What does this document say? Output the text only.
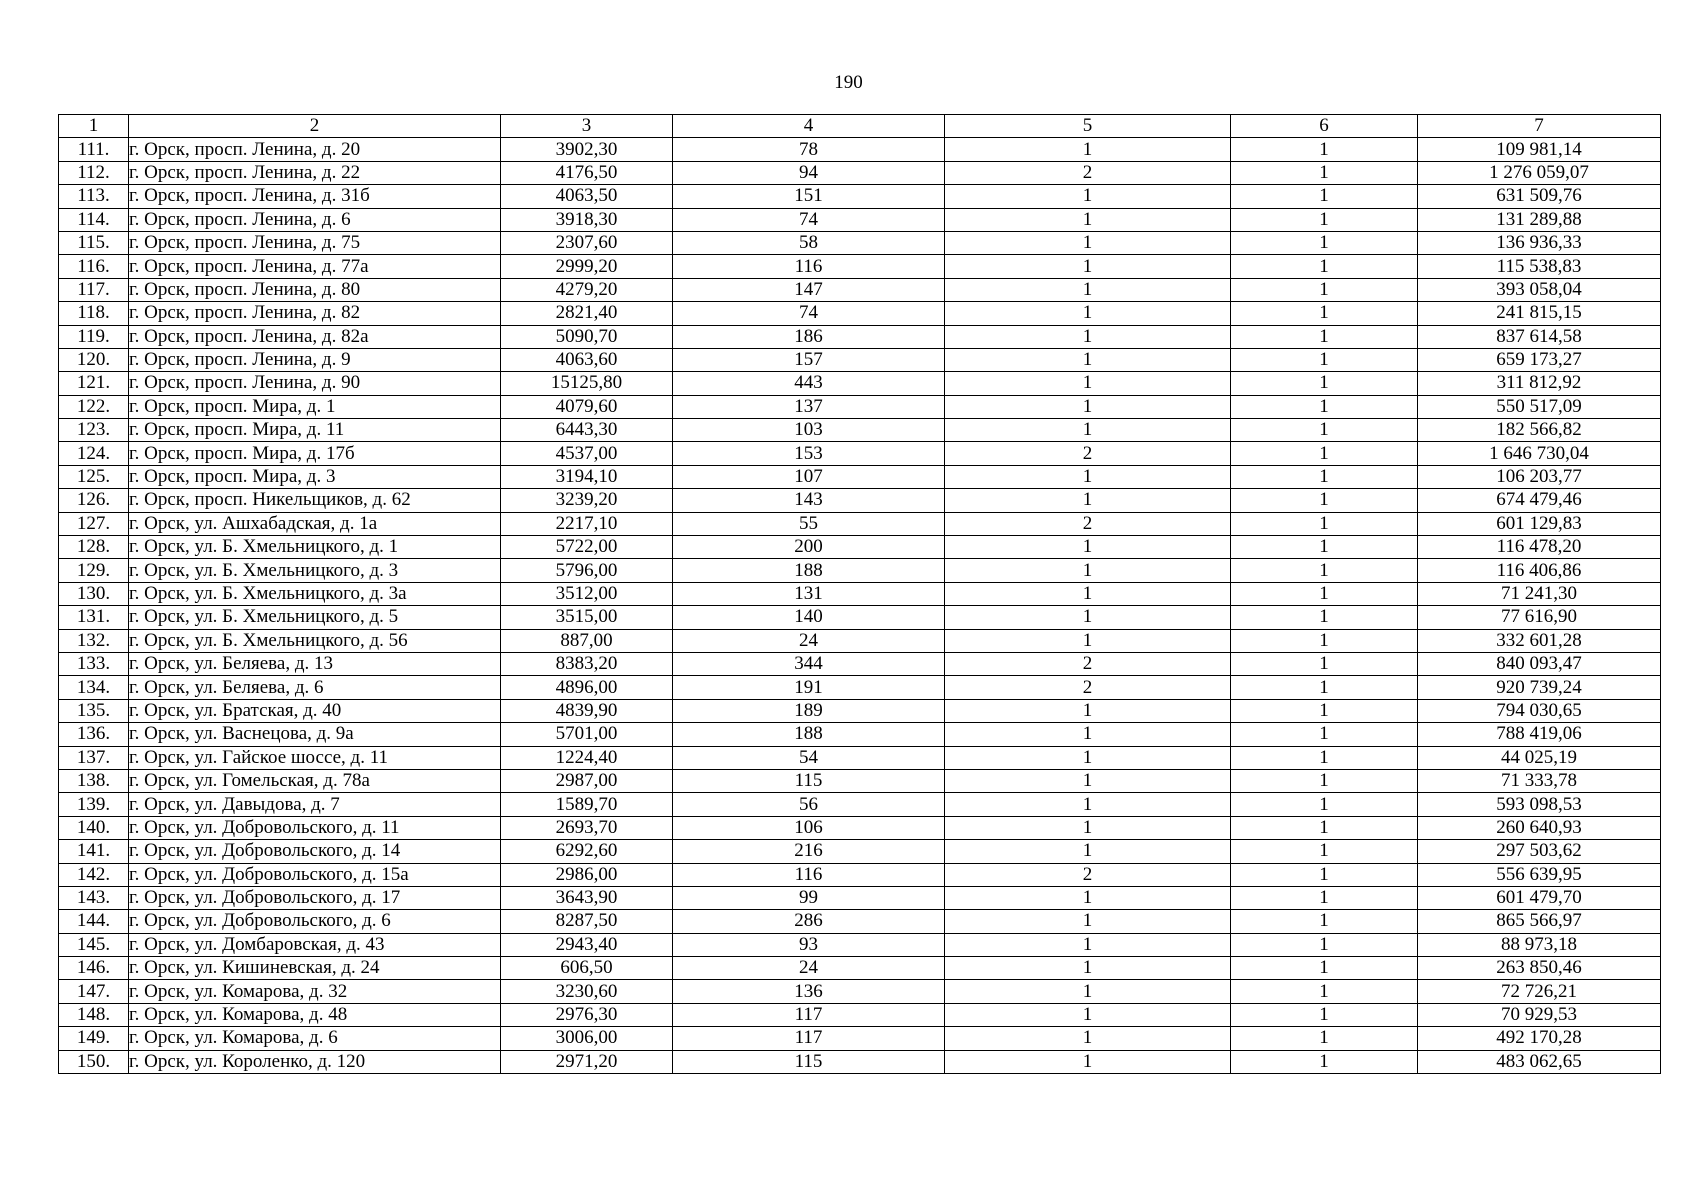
190
1	2	3	4	5	6	7
111.	г. Орск, просп. Ленина, д. 20	3902,30	78	1	1	109 981,14
112.	г. Орск, просп. Ленина, д. 22	4176,50	94	2	1	1 276 059,07
113.	г. Орск, просп. Ленина, д. 31б	4063,50	151	1	1	631 509,76
114.	г. Орск, просп. Ленина, д. 6	3918,30	74	1	1	131 289,88
115.	г. Орск, просп. Ленина, д. 75	2307,60	58	1	1	136 936,33
116.	г. Орск, просп. Ленина, д. 77а	2999,20	116	1	1	115 538,83
117.	г. Орск, просп. Ленина, д. 80	4279,20	147	1	1	393 058,04
118.	г. Орск, просп. Ленина, д. 82	2821,40	74	1	1	241 815,15
119.	г. Орск, просп. Ленина, д. 82а	5090,70	186	1	1	837 614,58
120.	г. Орск, просп. Ленина, д. 9	4063,60	157	1	1	659 173,27
121.	г. Орск, просп. Ленина, д. 90	15125,80	443	1	1	311 812,92
122.	г. Орск, просп. Мира, д. 1	4079,60	137	1	1	550 517,09
123.	г. Орск, просп. Мира, д. 11	6443,30	103	1	1	182 566,82
124.	г. Орск, просп. Мира, д. 17б	4537,00	153	2	1	1 646 730,04
125.	г. Орск, просп. Мира, д. 3	3194,10	107	1	1	106 203,77
126.	г. Орск, просп. Никельщиков, д. 62	3239,20	143	1	1	674 479,46
127.	г. Орск, ул. Ашхабадская, д. 1а	2217,10	55	2	1	601 129,83
128.	г. Орск, ул. Б. Хмельницкого, д. 1	5722,00	200	1	1	116 478,20
129.	г. Орск, ул. Б. Хмельницкого, д. 3	5796,00	188	1	1	116 406,86
130.	г. Орск, ул. Б. Хмельницкого, д. 3а	3512,00	131	1	1	71 241,30
131.	г. Орск, ул. Б. Хмельницкого, д. 5	3515,00	140	1	1	77 616,90
132.	г. Орск, ул. Б. Хмельницкого, д. 56	887,00	24	1	1	332 601,28
133.	г. Орск, ул. Беляева, д. 13	8383,20	344	2	1	840 093,47
134.	г. Орск, ул. Беляева, д. 6	4896,00	191	2	1	920 739,24
135.	г. Орск, ул. Братская, д. 40	4839,90	189	1	1	794 030,65
136.	г. Орск, ул. Васнецова, д. 9а	5701,00	188	1	1	788 419,06
137.	г. Орск, ул. Гайское шоссе, д. 11	1224,40	54	1	1	44 025,19
138.	г. Орск, ул. Гомельская, д. 78а	2987,00	115	1	1	71 333,78
139.	г. Орск, ул. Давыдова, д. 7	1589,70	56	1	1	593 098,53
140.	г. Орск, ул. Добровольского, д. 11	2693,70	106	1	1	260 640,93
141.	г. Орск, ул. Добровольского, д. 14	6292,60	216	1	1	297 503,62
142.	г. Орск, ул. Добровольского, д. 15а	2986,00	116	2	1	556 639,95
143.	г. Орск, ул. Добровольского, д. 17	3643,90	99	1	1	601 479,70
144.	г. Орск, ул. Добровольского, д. 6	8287,50	286	1	1	865 566,97
145.	г. Орск, ул. Домбаровская, д. 43	2943,40	93	1	1	88 973,18
146.	г. Орск, ул. Кишиневская, д. 24	606,50	24	1	1	263 850,46
147.	г. Орск, ул. Комарова, д. 32	3230,60	136	1	1	72 726,21
148.	г. Орск, ул. Комарова, д. 48	2976,30	117	1	1	70 929,53
149.	г. Орск, ул. Комарова, д. 6	3006,00	117	1	1	492 170,28
150.	г. Орск, ул. Короленко, д. 120	2971,20	115	1	1	483 062,65
